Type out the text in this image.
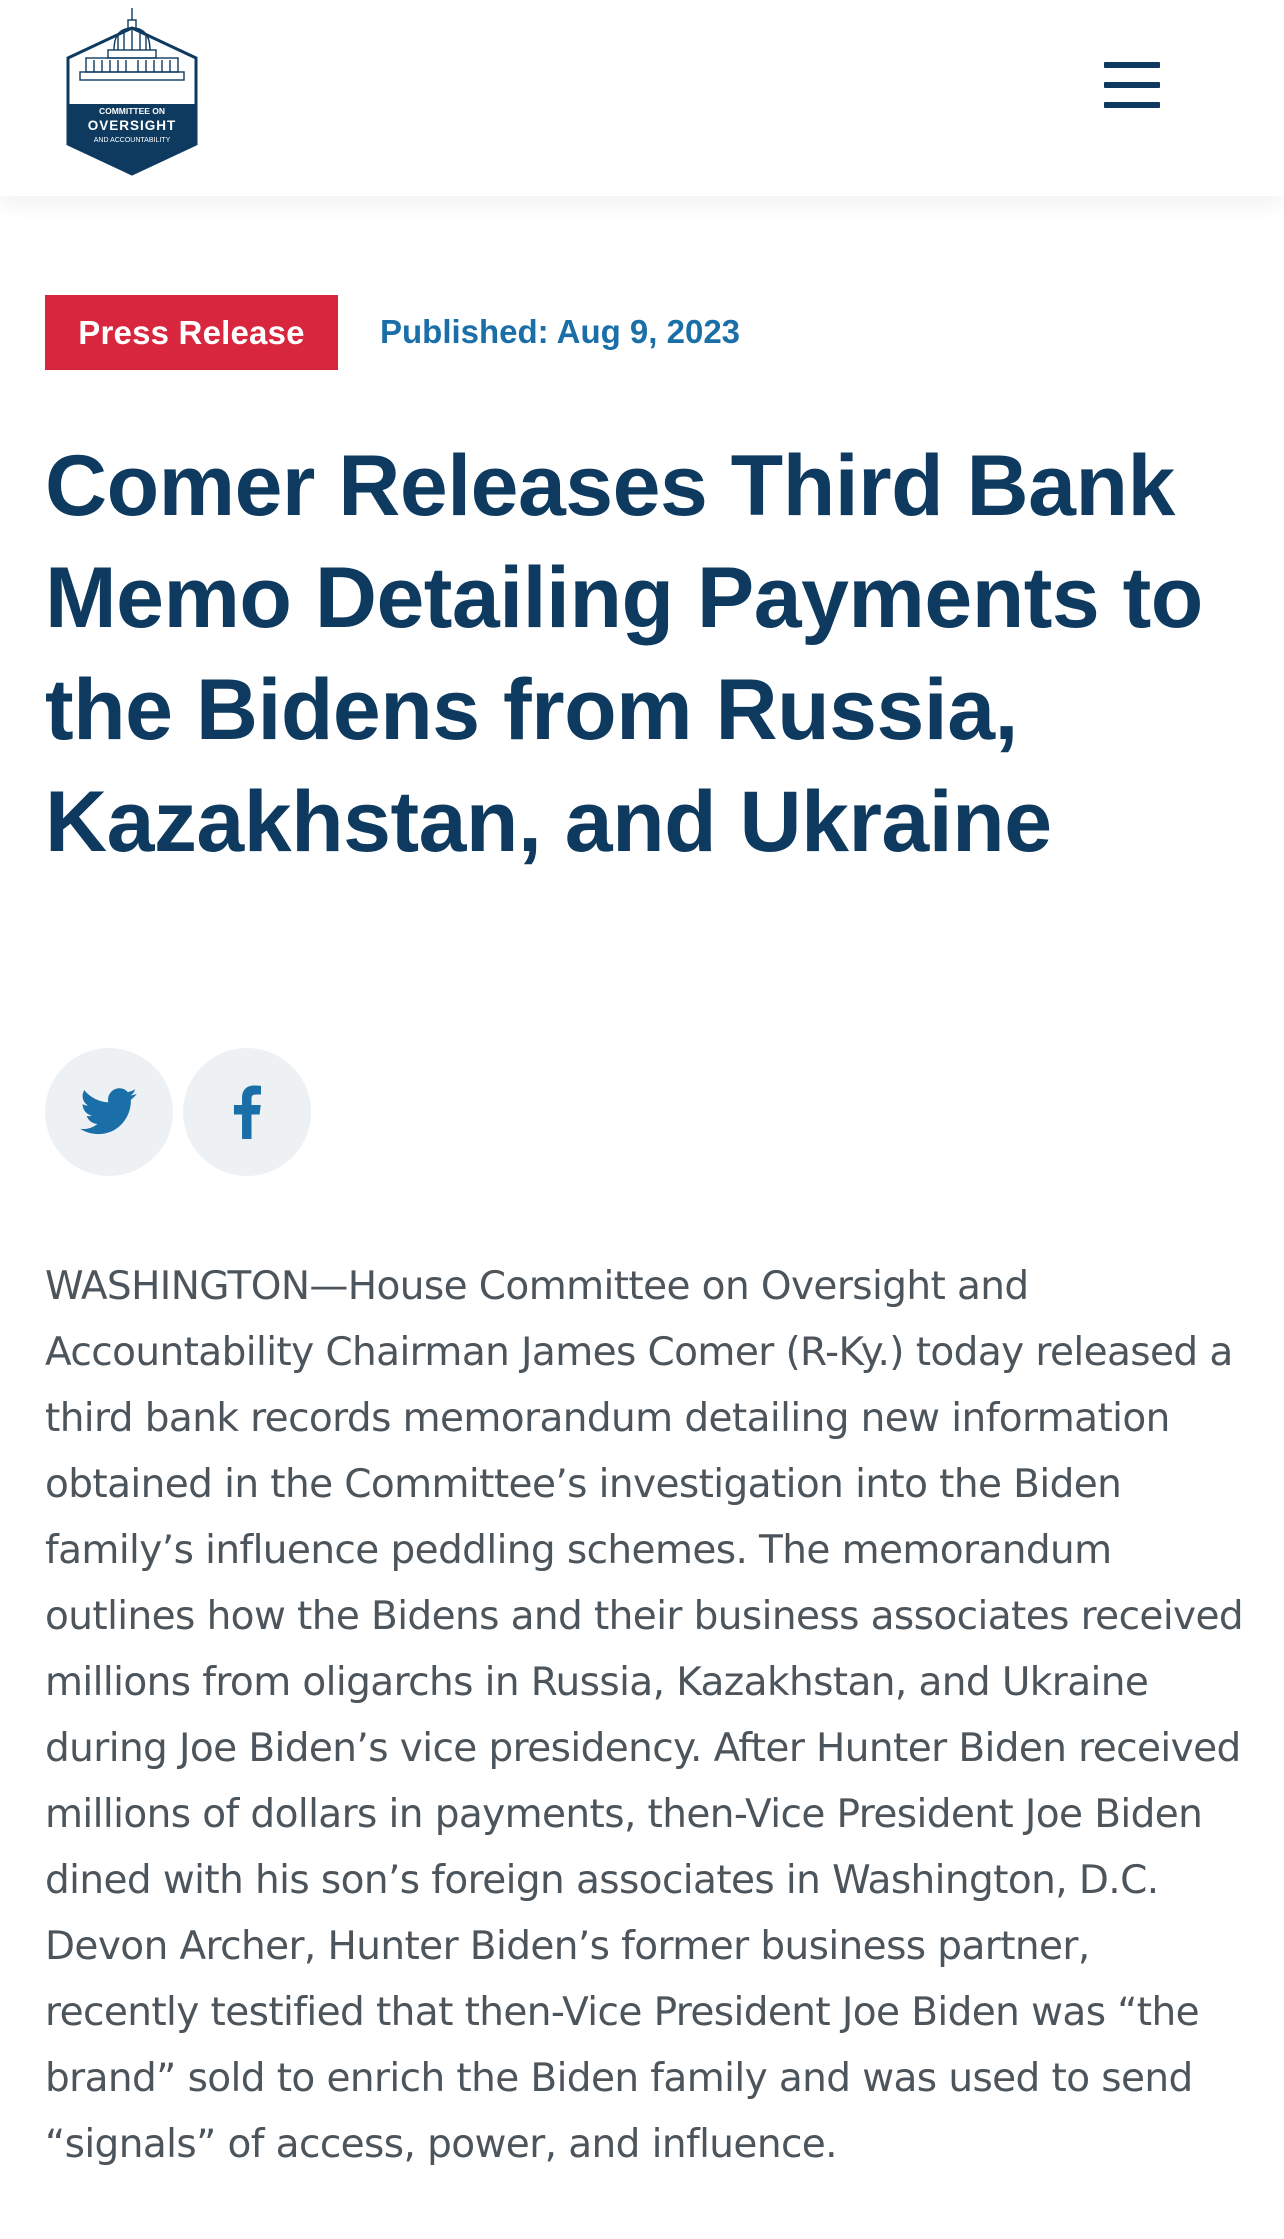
COMMITTEE ON
OVERSIGHT
AND ACCOUNTABILITY
Press Release	Published: Aug 9, 2023
Comer Releases Third Bank Memo Detailing Payments to the Bidens from Russia, Kazakhstan, and Ukraine

WASHINGTON—House Committee on Oversight and Accountability Chairman James Comer (R-Ky.) today released a third bank records memorandum detailing new information obtained in the Committee’s investigation into the Biden family’s influence peddling schemes. The memorandum outlines how the Bidens and their business associates received millions from oligarchs in Russia, Kazakhstan, and Ukraine during Joe Biden’s vice presidency. After Hunter Biden received millions of dollars in payments, then-Vice President Joe Biden dined with his son’s foreign associates in Washington, D.C. Devon Archer, Hunter Biden’s former business partner, recently testified that then-Vice President Joe Biden was “the brand” sold to enrich the Biden family and was used to send “signals” of access, power, and influence.
